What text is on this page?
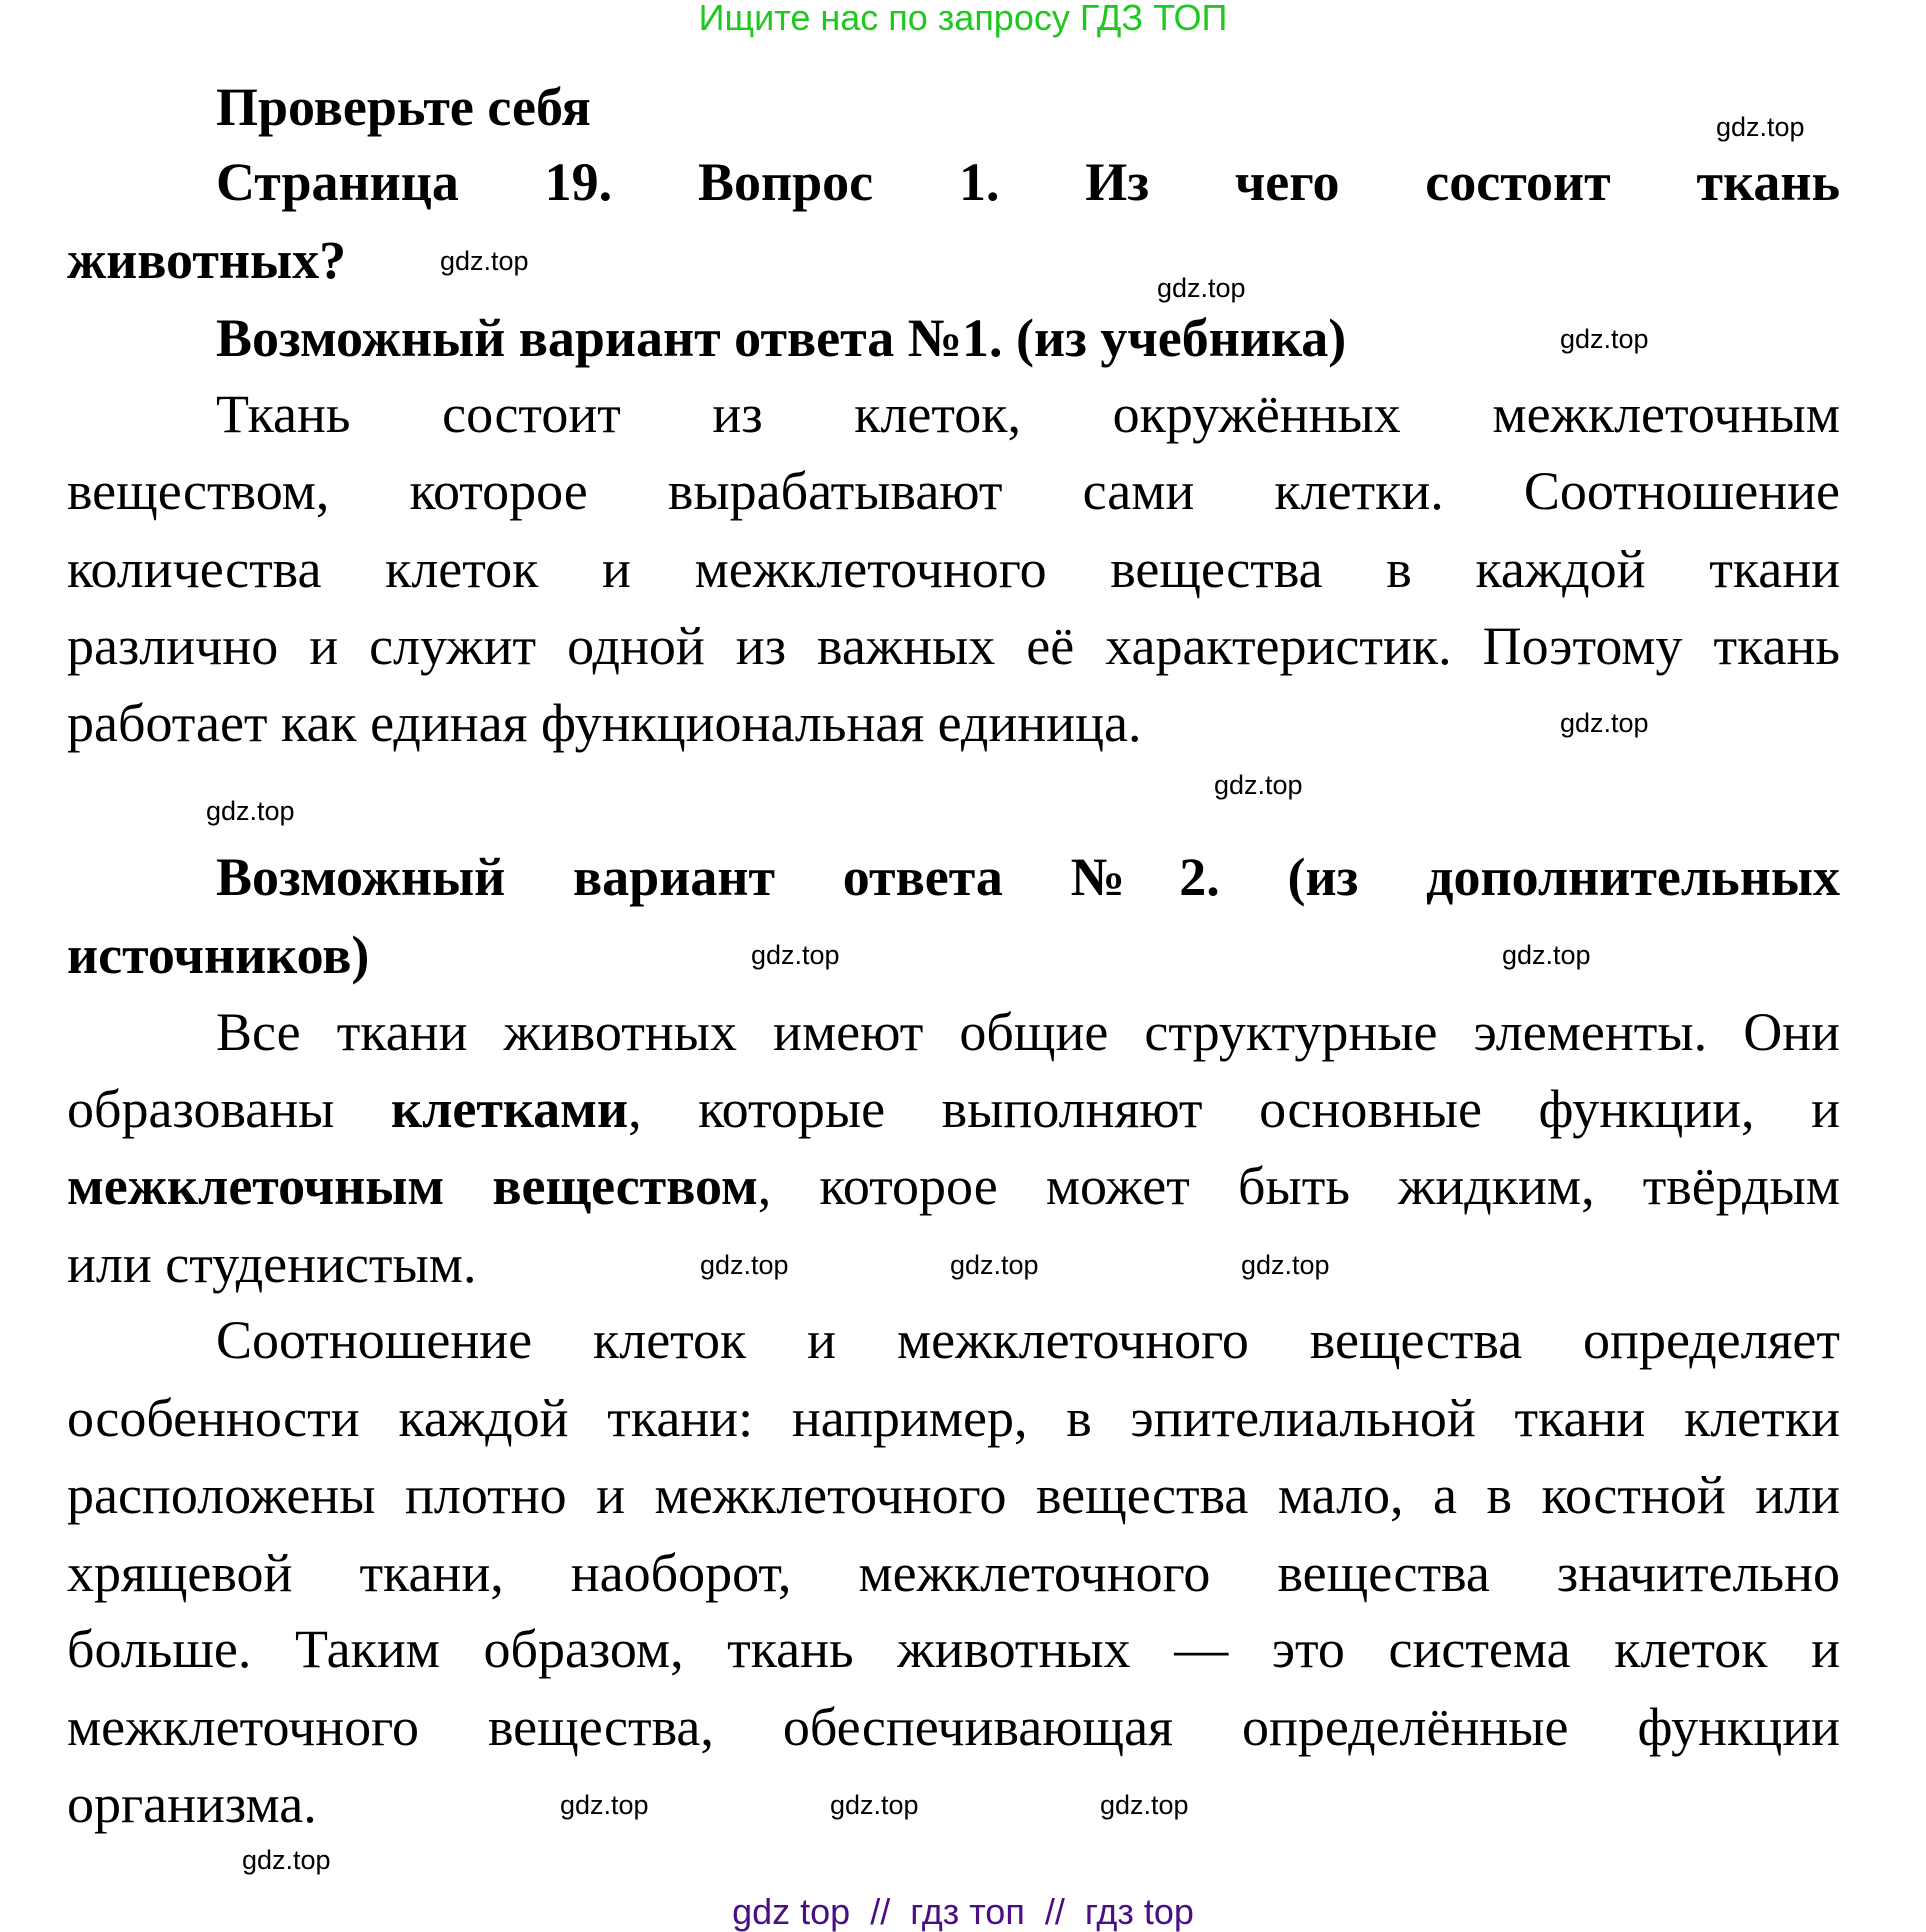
Ищите нас по запросу ГДЗ ТОП
Проверьте себя
Страница 19. Вопрос 1. Из чего состоит ткань
животных?
Возможный вариант ответа №1. (из учебника)
Ткань состоит из клеток, окружённых межклеточным
веществом, которое вырабатывают сами клетки. Соотношение
количества клеток и межклеточного вещества в каждой ткани
различно и служит одной из важных её характеристик. Поэтому ткань
работает как единая функциональная единица.
Возможный вариант ответа №2. (из дополнительных
источников)
Все ткани животных имеют общие структурные элементы. Они
образованы клетками, которые выполняют основные функции, и
межклеточным веществом, которое может быть жидким, твёрдым
или студенистым.
Соотношение клеток и межклеточного вещества определяет
особенности каждой ткани: например, в эпителиальной ткани клетки
расположены плотно и межклеточного вещества мало, а в костной или
хрящевой ткани, наоборот, межклеточного вещества значительно
больше. Таким образом, ткань животных — это система клеток и
межклеточного вещества, обеспечивающая определённые функции
организма.
gdz.top
gdz.top
gdz.top
gdz.top
gdz.top
gdz.top
gdz.top
gdz.top	gdz.top
gdz.top
gdz.top	gdz.top
gdz.top	gdz.top
gdz.top
gdz.top
gdz top  //  гдз топ  //  гдз top
